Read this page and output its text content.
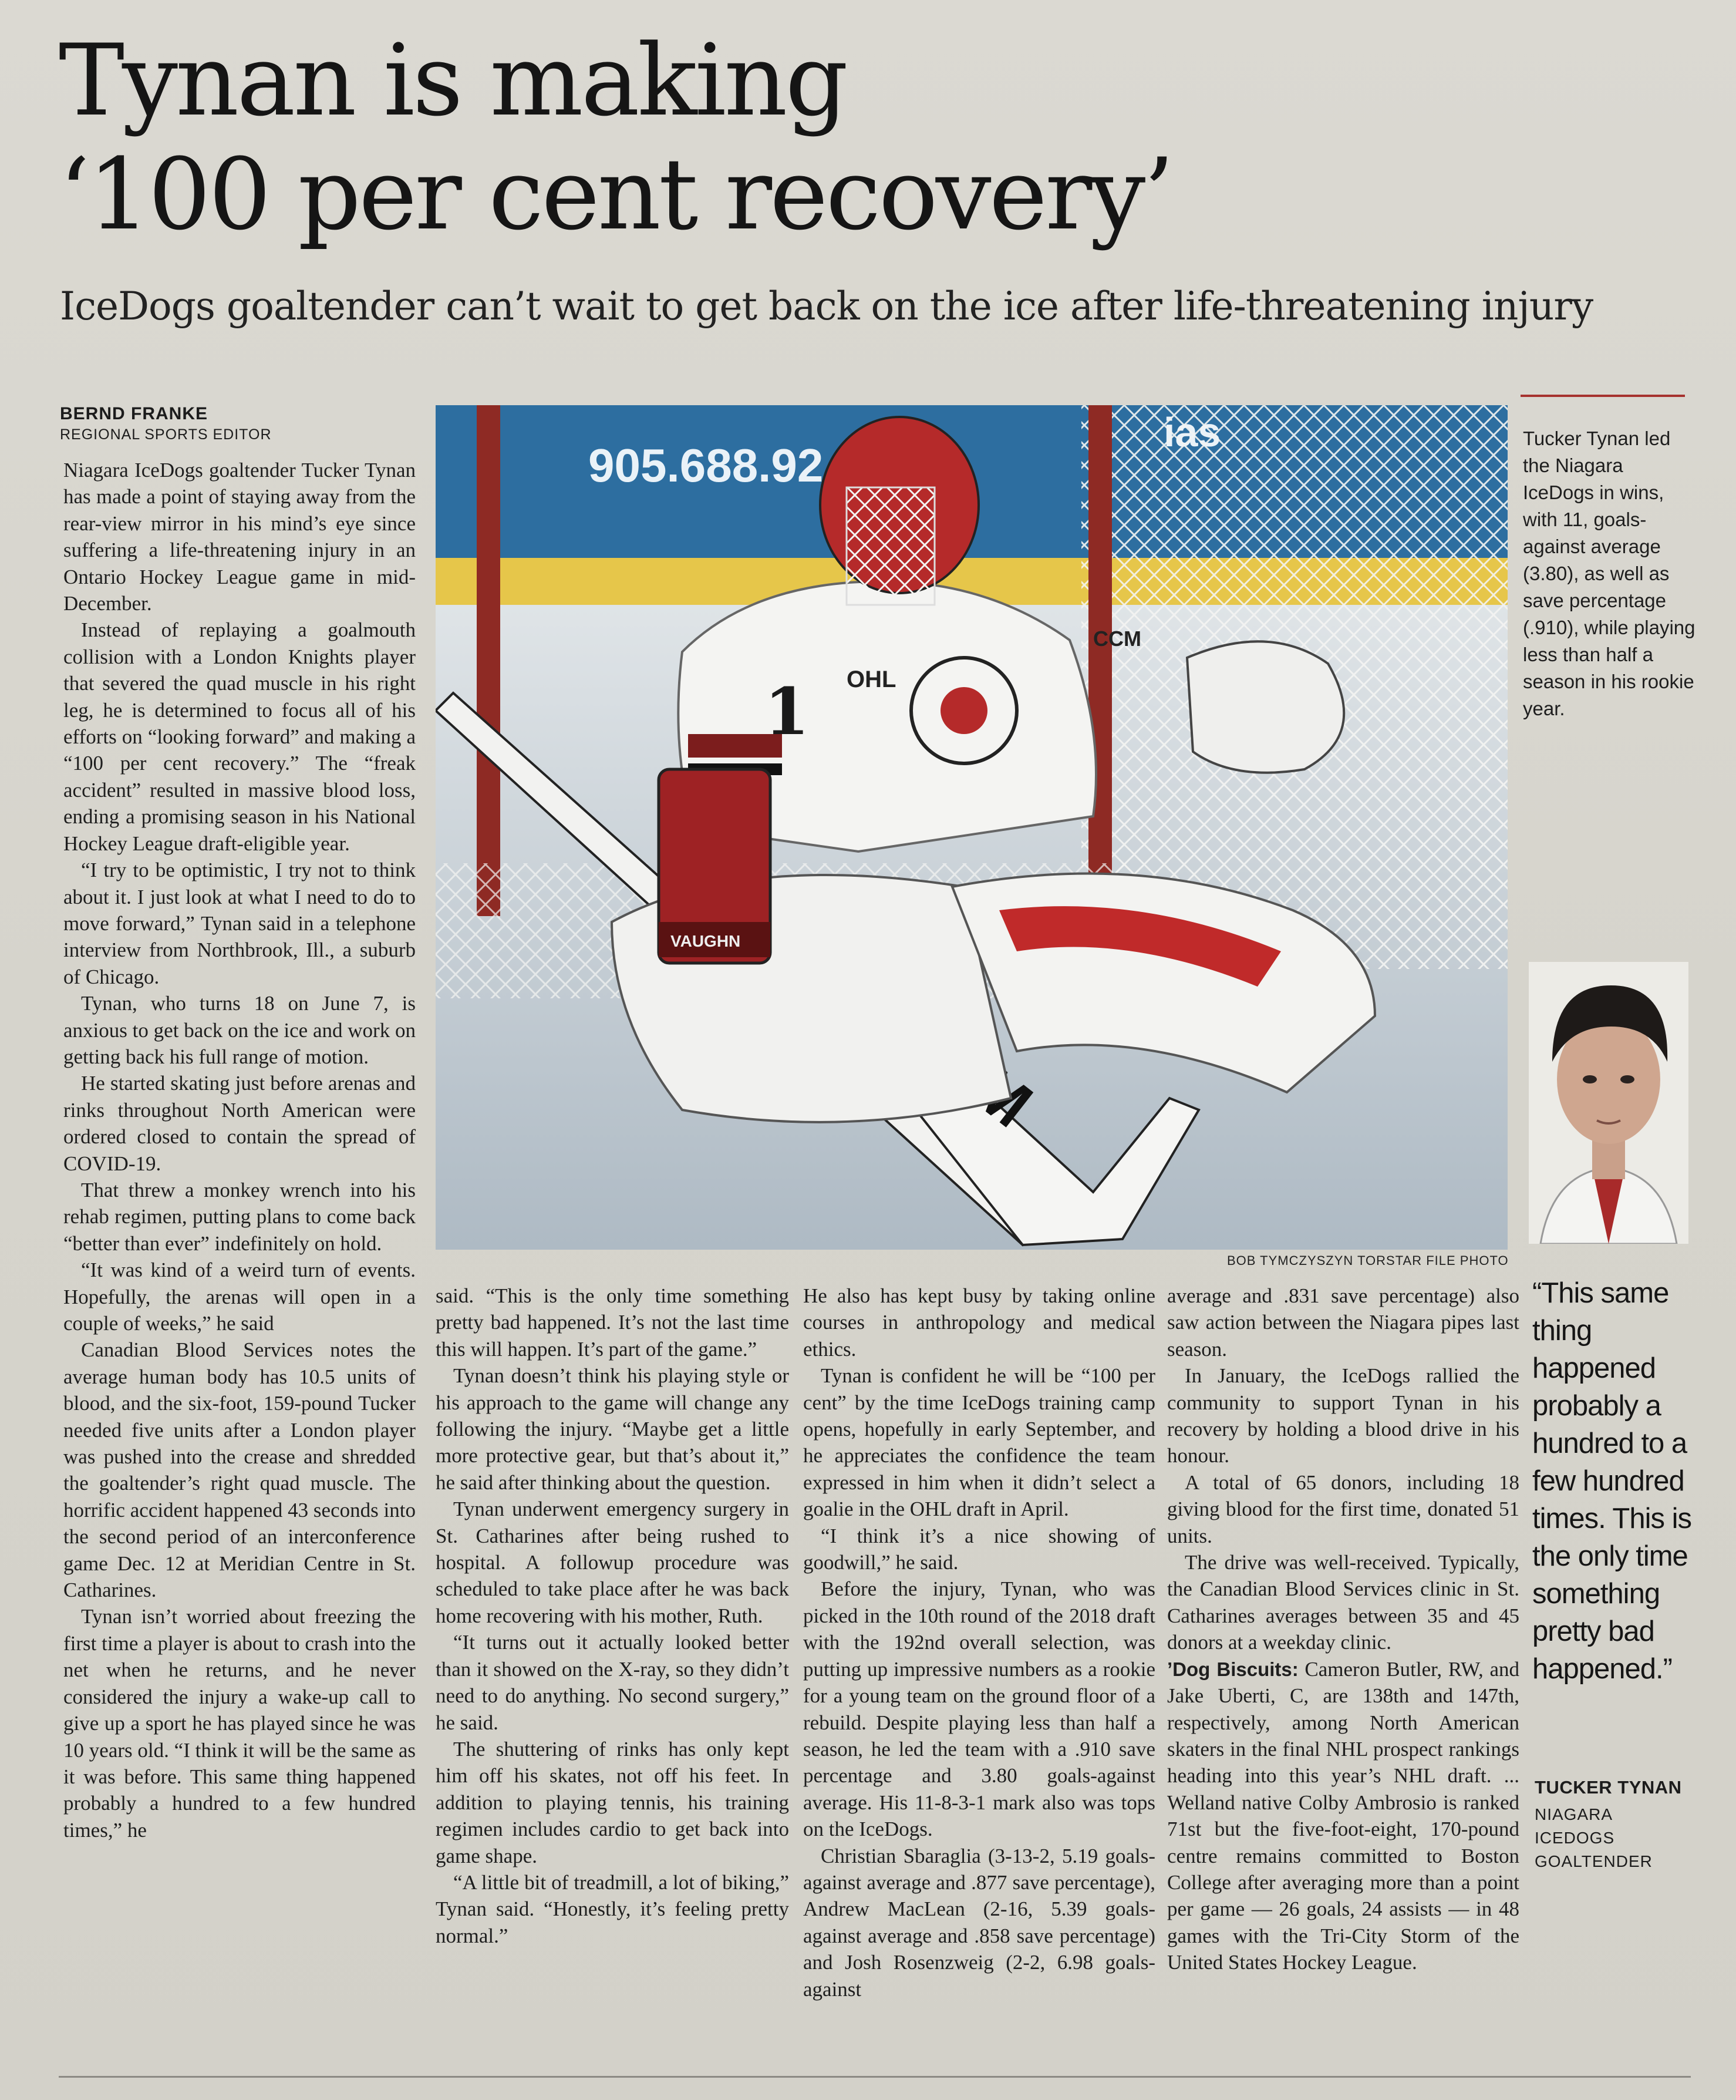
Tynan is making
‘100 per cent recovery’
IceDogs goaltender can’t wait to get back on the ice after life-threatening injury
BERND FRANKE
REGIONAL SPORTS EDITOR

Niagara IceDogs goaltender Tucker Tynan has made a point of staying away from the rear-view mirror in his mind’s eye since suffering a life-threatening injury in an Ontario Hockey League game in mid-December.

Instead of replaying a goalmouth collision with a London Knights player that severed the quad muscle in his right leg, he is determined to focus all of his efforts on “looking forward” and making a “100 per cent recovery.” The “freak accident” resulted in massive blood loss, ending a promising season in his National Hockey League draft-eligible year.

“I try to be optimistic, I try not to think about it. I just look at what I need to do to move forward,” Tynan said in a telephone interview from Northbrook, Ill., a suburb of Chicago.

Tynan, who turns 18 on June 7, is anxious to get back on the ice and work on getting back his full range of motion.

He started skating just before arenas and rinks throughout North American were ordered closed to contain the spread of COVID-19.

That threw a monkey wrench into his rehab regimen, putting plans to come back “better than ever” indefinitely on hold.

“It was kind of a weird turn of events. Hopefully, the arenas will open in a couple of weeks,” he said

Canadian Blood Services notes the average human body has 10.5 units of blood, and the six-foot, 159-pound Tucker needed five units after a London player was pushed into the crease and shredded the goaltender’s right quad muscle. The horrific accident happened 43 seconds into the second period of an interconference game Dec. 12 at Meridian Centre in St. Catharines.

Tynan isn’t worried about freezing the first time a player is about to crash into the net when he returns, and he never considered the injury a wake-up call to give up a sport he has played since he was 10 years old. “I think it will be the same as it was before. This same thing happened probably a hundred to a few hundred times,” he

905.688.92
1 OHL
CCM
VAUGHN
BOB TYMCZYSZYN TORSTAR FILE PHOTO
Tucker Tynan led the Niagara IceDogs in wins, with 11, goals-against average (3.80), as well as save percentage (.910), while playing less than half a season in his rookie year.
“This same thing happened probably a hundred to a few hundred times. This is the only time something pretty bad happened.”
TUCKER TYNAN
NIAGARA ICEDOGS GOALTENDER

said. “This is the only time something pretty bad happened. It’s not the last time this will happen. It’s part of the game.”

Tynan doesn’t think his playing style or his approach to the game will change any following the injury. “Maybe get a little more protective gear, but that’s about it,” he said after thinking about the question.

Tynan underwent emergency surgery in St. Catharines after being rushed to hospital. A followup procedure was scheduled to take place after he was back home recovering with his mother, Ruth.

“It turns out it actually looked better than it showed on the X-ray, so they didn’t need to do anything. No second surgery,” he said.

The shuttering of rinks has only kept him off his skates, not off his feet. In addition to playing tennis, his training regimen includes cardio to get back into game shape.

“A little bit of treadmill, a lot of biking,” Tynan said. “Honestly, it’s feeling pretty normal.”

He also has kept busy by taking online courses in anthropology and medical ethics.

Tynan is confident he will be “100 per cent” by the time IceDogs training camp opens, hopefully in early September, and he appreciates the confidence the team expressed in him when it didn’t select a goalie in the OHL draft in April.

“I think it’s a nice showing of goodwill,” he said.

Before the injury, Tynan, who was picked in the 10th round of the 2018 draft with the 192nd overall selection, was putting up impressive numbers as a rookie for a young team on the ground floor of a rebuild. Despite playing less than half a season, he led the team with a .910 save percentage and 3.80 goals-against average. His 11-8-3-1 mark also was tops on the IceDogs.

Christian Sbaraglia (3-13-2, 5.19 goals-against average and .877 save percentage), Andrew MacLean (2-16, 5.39 goals-against average and .858 save percentage) and Josh Rosenzweig (2-2, 6.98 goals-against

average and .831 save percentage) also saw action between the Niagara pipes last season.

In January, the IceDogs rallied the community to support Tynan in his recovery by holding a blood drive in his honour.

A total of 65 donors, including 18 giving blood for the first time, donated 51 units.

The drive was well-received. Typically, the Canadian Blood Services clinic in St. Catharines averages between 35 and 45 donors at a weekday clinic.

’Dog Biscuits: Cameron Butler, RW, and Jake Uberti, C, are 138th and 147th, respectively, among North American skaters in the final NHL prospect rankings heading into this year’s NHL draft. ... Welland native Colby Ambrosio is ranked 71st but the five-foot-eight, 170-pound centre remains committed to Boston College after averaging more than a point per game — 26 goals, 24 assists — in 48 games with the Tri-City Storm of the United States Hockey League.
